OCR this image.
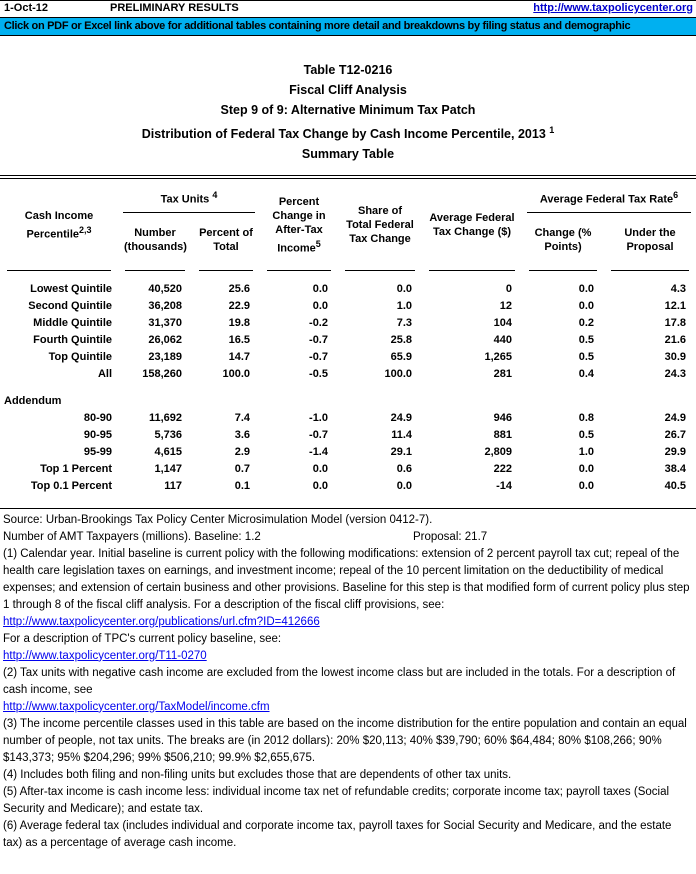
1-Oct-12	PRELIMINARY RESULTS	http://www.taxpolicycenter.org
Click on PDF or Excel link above for additional tables containing more detail and breakdowns by filing status and demographic
Table T12-0216
Fiscal Cliff Analysis
Step 9 of 9: Alternative Minimum Tax Patch
Distribution of Federal Tax Change by Cash Income Percentile, 2013 $^1$
Summary Table
Cash Income Percentile$^{2,3}$	Tax Units $^4$		Percent Change in After-Tax Income$^5$	Share of Total Federal Tax Change	Average Federal Tax Change ($)	Average Federal Tax Rate$^6$
	Number (thousands)	Percent of Total				Change (% Points)	Under the Proposal

Lowest Quintile	40,520	25.6	0.0	0.0	0	0.0	4.3
Second Quintile	36,208	22.9	0.0	1.0	12	0.0	12.1
Middle Quintile	31,370	19.8	-0.2	7.3	104	0.2	17.8
Fourth Quintile	26,062	16.5	-0.7	25.8	440	0.5	21.6
Top Quintile	23,189	14.7	-0.7	65.9	1,265	0.5	30.9
All	158,260	100.0	-0.5	100.0	281	0.4	24.3

Addendum							
80-90	11,692	7.4	-1.0	24.9	946	0.8	24.9
90-95	5,736	3.6	-0.7	11.4	881	0.5	26.7
95-99	4,615	2.9	-1.4	29.1	2,809	1.0	29.9
Top 1 Percent	1,147	0.7	0.0	0.6	222	0.0	38.4
Top 0.1 Percent	117	0.1	0.0	0.0	-14	0.0	40.5

Source: Urban-Brookings Tax Policy Center Microsimulation Model (version 0412-7).
Number of AMT Taxpayers (millions). Baseline: 1.2	Proposal: 21.7
(1) Calendar year. Initial baseline is current policy with the following modifications: extension of 2 percent payroll tax cut; repeal of the health care legislation taxes on earnings, and investment income; repeal of the 10 percent limitation on the deductibility of medical expenses; and extension of certain business and other provisions. Baseline for this step is that modified form of current policy plus step 1 through 8 of the fiscal cliff analysis. For a description of the fiscal cliff provisions, see:
http://www.taxpolicycenter.org/publications/url.cfm?ID=412666
For a description of TPC's current policy baseline, see:
http://www.taxpolicycenter.org/T11-0270
(2) Tax units with negative cash income are excluded from the lowest income class but are included in the totals. For a description of cash income, see
http://www.taxpolicycenter.org/TaxModel/income.cfm
(3) The income percentile classes used in this table are based on the income distribution for the entire population and contain an equal number of people, not tax units. The breaks are (in 2012 dollars): 20% $20,113; 40% $39,790; 60% $64,484; 80% $108,266; 90% $143,373; 95% $204,296; 99% $506,210; 99.9% $2,655,675.
(4) Includes both filing and non-filing units but excludes those that are dependents of other tax units.
(5) After-tax income is cash income less: individual income tax net of refundable credits; corporate income tax; payroll taxes (Social Security and Medicare); and estate tax.
(6) Average federal tax (includes individual and corporate income tax, payroll taxes for Social Security and Medicare, and the estate tax) as a percentage of average cash income.
